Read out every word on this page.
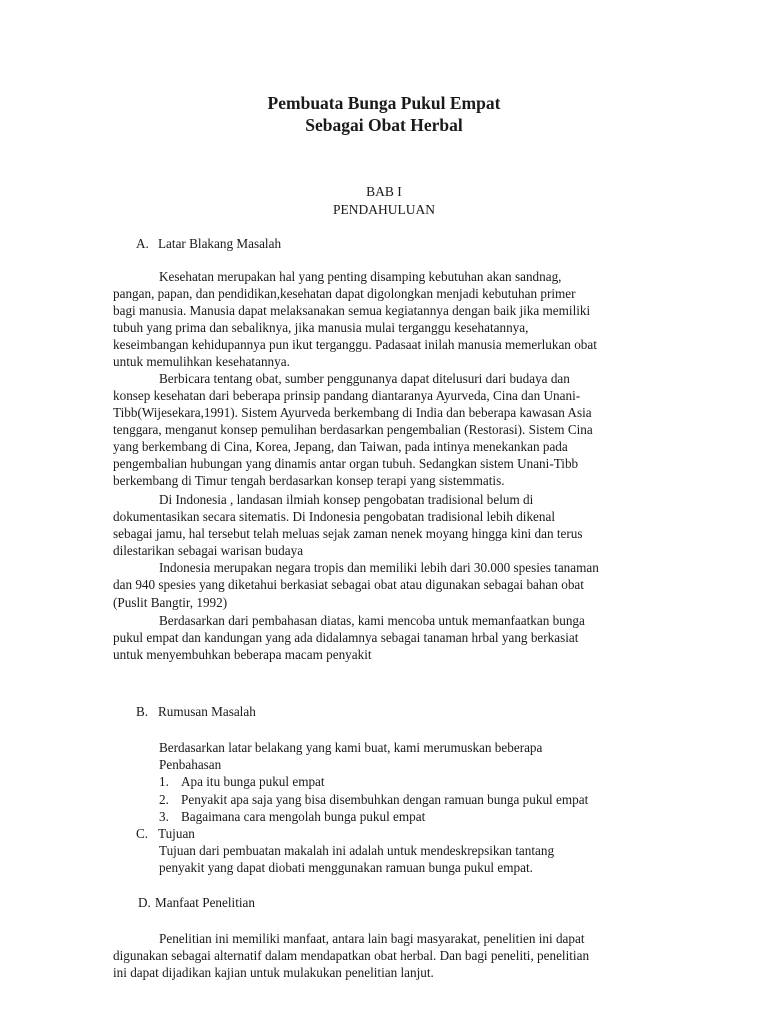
Pembuata Bunga Pukul Empat
Sebagai Obat Herbal
BAB I
PENDAHULUAN
A. Latar Blakang Masalah
Kesehatan merupakan hal yang penting disamping kebutuhan akan sandnag,
pangan, papan, dan pendidikan,kesehatan dapat digolongkan menjadi kebutuhan primer
bagi manusia. Manusia dapat melaksanakan semua kegiatannya dengan baik jika memiliki
tubuh yang prima dan sebaliknya, jika manusia mulai terganggu kesehatannya,
keseimbangan kehidupannya pun ikut terganggu. Padasaat inilah manusia memerlukan obat
untuk memulihkan kesehatannya.
Berbicara tentang obat, sumber penggunanya dapat ditelusuri dari budaya dan
konsep kesehatan dari beberapa prinsip pandang diantaranya Ayurveda, Cina dan Unani-
Tibb(Wijesekara,1991). Sistem Ayurveda berkembang di India dan beberapa kawasan Asia
tenggara, menganut konsep pemulihan berdasarkan pengembalian (Restorasi). Sistem Cina
yang berkembang di Cina, Korea, Jepang, dan Taiwan, pada intinya menekankan pada
pengembalian hubungan yang dinamis antar organ tubuh. Sedangkan sistem Unani-Tibb
berkembang di Timur tengah berdasarkan konsep terapi yang sistemmatis.
Di Indonesia , landasan ilmiah konsep pengobatan tradisional belum di
dokumentasikan secara sitematis. Di Indonesia pengobatan tradisional lebih dikenal
sebagai jamu, hal tersebut telah meluas sejak zaman nenek moyang hingga kini dan terus
dilestarikan sebagai warisan budaya
Indonesia merupakan negara tropis dan memiliki lebih dari 30.000 spesies tanaman
dan 940 spesies yang diketahui berkasiat sebagai obat atau digunakan sebagai bahan obat
(Puslit Bangtir, 1992)
Berdasarkan dari pembahasan diatas, kami mencoba untuk memanfaatkan bunga
pukul empat dan kandungan yang ada didalamnya sebagai tanaman hrbal yang berkasiat
untuk menyembuhkan beberapa macam penyakit
B. Rumusan Masalah
Berdasarkan latar belakang yang kami buat, kami merumuskan beberapa
Penbahasan
1. Apa itu bunga pukul empat
2. Penyakit apa saja yang bisa disembuhkan dengan ramuan bunga pukul empat
3. Bagaimana cara mengolah bunga pukul empat
C. Tujuan
Tujuan dari pembuatan makalah ini adalah untuk mendeskrepsikan tantang
penyakit yang dapat diobati menggunakan ramuan bunga pukul empat.
D. Manfaat Penelitian
Penelitian ini memiliki manfaat, antara lain bagi masyarakat, penelitien ini dapat
digunakan sebagai alternatif dalam mendapatkan obat herbal. Dan bagi peneliti, penelitian
ini dapat dijadikan kajian untuk mulakukan penelitian lanjut.
